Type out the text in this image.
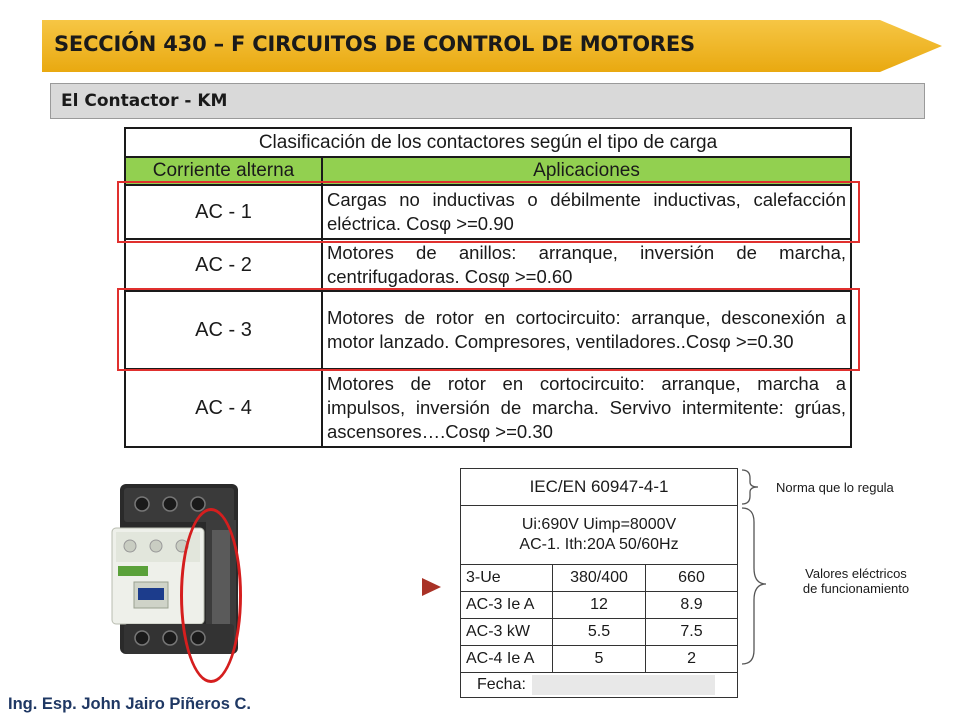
SECCIÓN 430 – F CIRCUITOS DE CONTROL DE MOTORES
El Contactor - KM
Clasificación de los contactores según el tipo de carga	
Corriente alterna	Aplicaciones
AC - 1	Cargas no inductivas o débilmente inductivas, calefacción eléctrica. Cosφ >=0.90
AC - 2	Motores de anillos: arranque, inversión de marcha, centrifugadoras. Cosφ >=0.60
AC - 3	Motores de rotor en cortocircuito: arranque, desconexión a motor lanzado. Compresores, ventiladores..Cosφ >=0.30
AC - 4	Motores de rotor en cortocircuito: arranque, marcha a impulsos, inversión de marcha. Servivo intermitente: grúas, ascensores….Cosφ >=0.30
IEC/EN 60947-4-1		

Ui:690V Uimp=8000V
AC-1. Ith:20A 50/60Hz		

3-Ue	380/400	660
AC-3 Ie A	12	8.9
AC-3 kW	5.5	7.5
AC-4 Ie A	5	2
Fecha:		
Norma que lo regula
Valores eléctricos
de funcionamiento
Ing. Esp. John Jairo Piñeros C.
